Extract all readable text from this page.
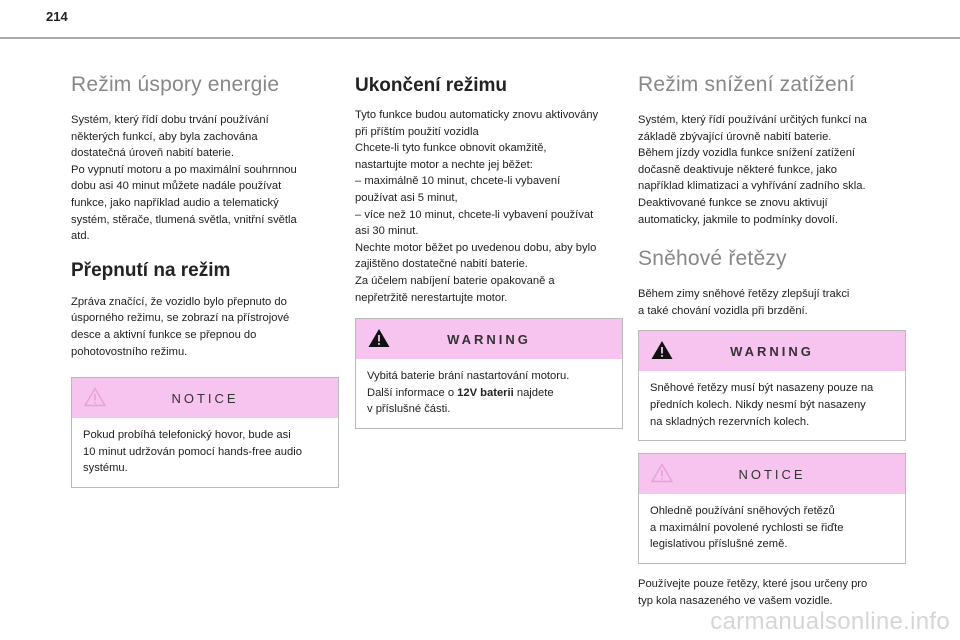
214
Režim úspory energie

Systém, který řídí dobu trvání používání
některých funkcí, aby byla zachována
dostatečná úroveň nabití baterie.
Po vypnutí motoru a po maximální souhrnnou
dobu asi 40 minut můžete nadále používat
funkce, jako například audio a telematický
systém, stěrače, tlumená světla, vnitřní světla
atd.

Přepnutí na režim

Zpráva značící, že vozidlo bylo přepnuto do
úsporného režimu, se zobrazí na přístrojové
desce a aktivní funkce se přepnou do
pohotovostního režimu.

NOTICE
Pokud probíhá telefonický hovor, bude asi
10 minut udržován pomocí hands-free audio
systému.
Ukončení režimu

Tyto funkce budou automaticky znovu aktivovány
při příštím použití vozidla
Chcete-li tyto funkce obnovit okamžitě,
nastartujte motor a nechte jej běžet:
– maximálně 10 minut, chcete-li vybavení
používat asi 5 minut,
– více než 10 minut, chcete-li vybavení používat
asi 30 minut.
Nechte motor běžet po uvedenou dobu, aby bylo
zajištěno dostatečné nabití baterie.
Za účelem nabíjení baterie opakovaně a
nepřetržitě nerestartujte motor.

WARNING
Vybitá baterie brání nastartování motoru.
Další informace o 12V baterii najdete
v příslušné části.
Režim snížení zatížení

Systém, který řídí používání určitých funkcí na
základě zbývající úrovně nabití baterie.
Během jízdy vozidla funkce snížení zatížení
dočasně deaktivuje některé funkce, jako
například klimatizaci a vyhřívání zadního skla.
Deaktivované funkce se znovu aktivují
automaticky, jakmile to podmínky dovolí.

Sněhové řetězy

Během zimy sněhové řetězy zlepšují trakci
a také chování vozidla při brzdění.

WARNING
Sněhové řetězy musí být nasazeny pouze na
předních kolech. Nikdy nesmí být nasazeny
na skladných rezervních kolech.
NOTICE
Ohledně používání sněhových řetězů
a maximální povolené rychlosti se řiďte
legislativou příslušné země.

Používejte pouze řetězy, které jsou určeny pro
typ kola nasazeného ve vašem vozidle.

carmanualsonline.info
